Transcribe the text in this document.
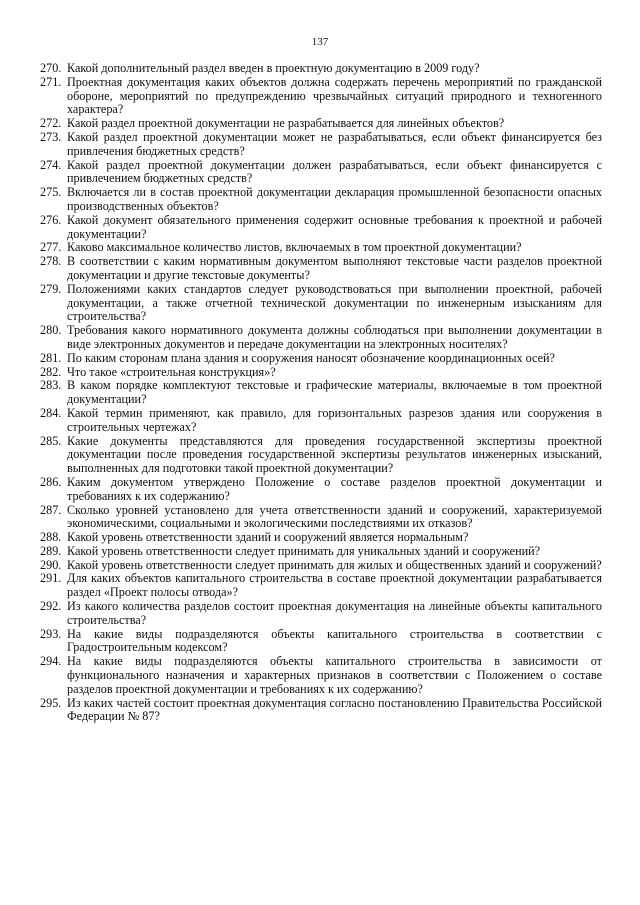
137
270. Какой дополнительный раздел введен в проектную документацию в 2009 году?
271. Проектная документация каких объектов должна содержать перечень мероприятий по гражданской обороне, мероприятий по предупреждению чрезвычайных ситуаций природного и техногенного характера?
272. Какой раздел проектной документации не разрабатывается для линейных объектов?
273. Какой раздел проектной документации может не разрабатываться, если объект финансируется без привлечения бюджетных средств?
274. Какой раздел проектной документации должен разрабатываться, если объект финансируется с привлечением бюджетных средств?
275. Включается ли в состав проектной документации декларация промышленной безопасности опасных производственных объектов?
276. Какой документ обязательного применения содержит основные требования к проектной и рабочей документации?
277. Каково максимальное количество листов, включаемых в том проектной документации?
278. В соответствии с каким нормативным документом выполняют текстовые части разделов проектной документации и другие текстовые документы?
279. Положениями каких стандартов следует руководствоваться при выполнении проектной, рабочей документации, а также отчетной технической документации по инженерным изысканиям для строительства?
280. Требования какого нормативного документа должны соблюдаться при выполнении документации в виде электронных документов и передаче документации на электронных носителях?
281. По каким сторонам плана здания и сооружения наносят обозначение координационных осей?
282. Что такое «строительная конструкция»?
283. В каком порядке комплектуют текстовые и графические материалы, включаемые в том проектной документации?
284. Какой термин применяют, как правило, для горизонтальных разрезов здания или сооружения в строительных чертежах?
285. Какие документы представляются для проведения государственной экспертизы проектной документации после проведения государственной экспертизы результатов инженерных изысканий, выполненных для подготовки такой проектной документации?
286. Каким документом утверждено Положение о составе разделов проектной документации и требованиях к их содержанию?
287. Сколько уровней установлено для учета ответственности зданий и сооружений, характеризуемой экономическими, социальными и экологическими последствиями их отказов?
288. Какой уровень ответственности зданий и сооружений является нормальным?
289. Какой уровень ответственности следует принимать для уникальных зданий и сооружений?
290. Какой уровень ответственности следует принимать для жилых и общественных зданий и сооружений?
291. Для каких объектов капитального строительства в составе проектной документации разрабатывается раздел «Проект полосы отвода»?
292. Из какого количества разделов состоит проектная документация на линейные объекты капитального строительства?
293. На какие виды подразделяются объекты капитального строительства в соответствии с Градостроительным кодексом?
294. На какие виды подразделяются объекты капитального строительства в зависимости от функционального назначения и характерных признаков в соответствии с Положением о составе разделов проектной документации и требованиях к их содержанию?
295. Из каких частей состоит проектная документация согласно постановлению Правительства Российской Федерации № 87?
